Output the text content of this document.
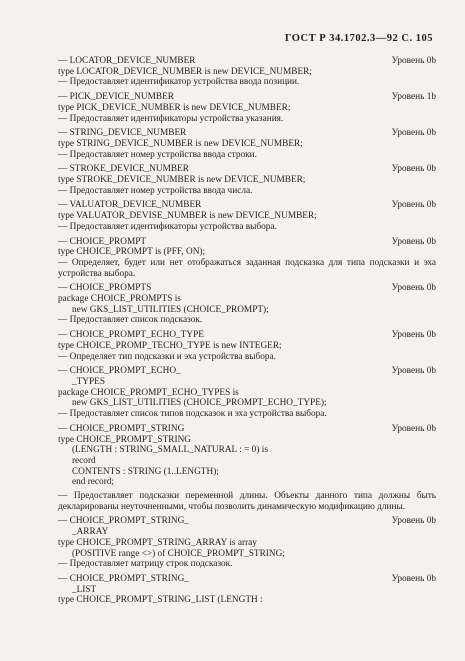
ГОСТ Р 34.1702.3—92 С. 105
— LOCATOR_DEVICE_NUMBER	Уровень 0b
type LOCATOR_DEVICE_NUMBER is new DEVICE_NUMBER;
— Предоставляет идентификатор устройства ввода позиции.
— PICK_DEVICE_NUMBER	Уровень 1b
type PICK_DEVICE_NUMBER is new DEVICE_NUMBER;
— Предоставляет идентификаторы устройства указания.
— STRING_DEVICE_NUMBER	Уровень 0b
type STRING_DEVICE_NUMBER is new DEVICE_NUMBER;
— Предоставляет номер устройства ввода строки.
— STROKE_DEVICE_NUMBER	Уровень 0b
type STROKE_DEVICE_NUMBER is new DEVICE_NUMBER;
— Предоставляет номер устройства ввода числа.
— VALUATOR_DEVICE_NUMBER	Уровень 0b
type VALUATOR_DEVISE_NUMBER is new DEVICE_NUMBER;
— Предоставляет идентификаторы устройства выбора.
— CHOICE_PROMPT	Уровень 0b
type CHOICE_PROMPT is (PFF, ON);
— Определяет, будет или нет отображаться заданная подсказка для типа подсказки и эха устройства выбора.
— CHOICE_PROMPTS	Уровень 0b
package CHOICE_PROMPTS is
new GKS_LIST_UTILITIES (CHOICE_PROMPT);
— Предоставляет список подсказок.
— CHOICE_PROMPT_ECHO_TYPE	Уровень 0b
type CHOICE_PROMP_TECHO_TYPE is new INTEGER;
— Определяет тип подсказки и эха устройства выбора.
— CHOICE_PROMPT_ECHO_	Уровень 0b
_TYPES
package CHOICE_PROMPT_ECHO_TYPES is
new GKS_LIST_UTILITIES (CHOICE_PROMPT_ECHO_TYPE);
— Предоставляет список типов подсказок и эха устройства выбора.
— CHOICE_PROMPT_STRING	Уровень 0b
type CHOICE_PROMPT_STRING
(LENGTH : STRING_SMALL_NATURAL : = 0) is
record
CONTENTS : STRING (1..LENGTH);
end record;
— Предоставляет подсказки переменной длины. Объекты данного типа должны быть декларированы неуточненными, чтобы позволить динамическую модификацию длины.
— CHOICE_PROMPT_STRING_	Уровень 0b
_ARRAY
type CHOICE_PROMPT_STRING_ARRAY is array
(POSITIVE range <>) of CHOICE_PROMPT_STRING;
— Предоставляет матрицу строк подсказок.
— CHOICE_PROMPT_STRING_	Уровень 0b
_LIST
type CHOICE_PROMPT_STRING_LIST (LENGTH :
